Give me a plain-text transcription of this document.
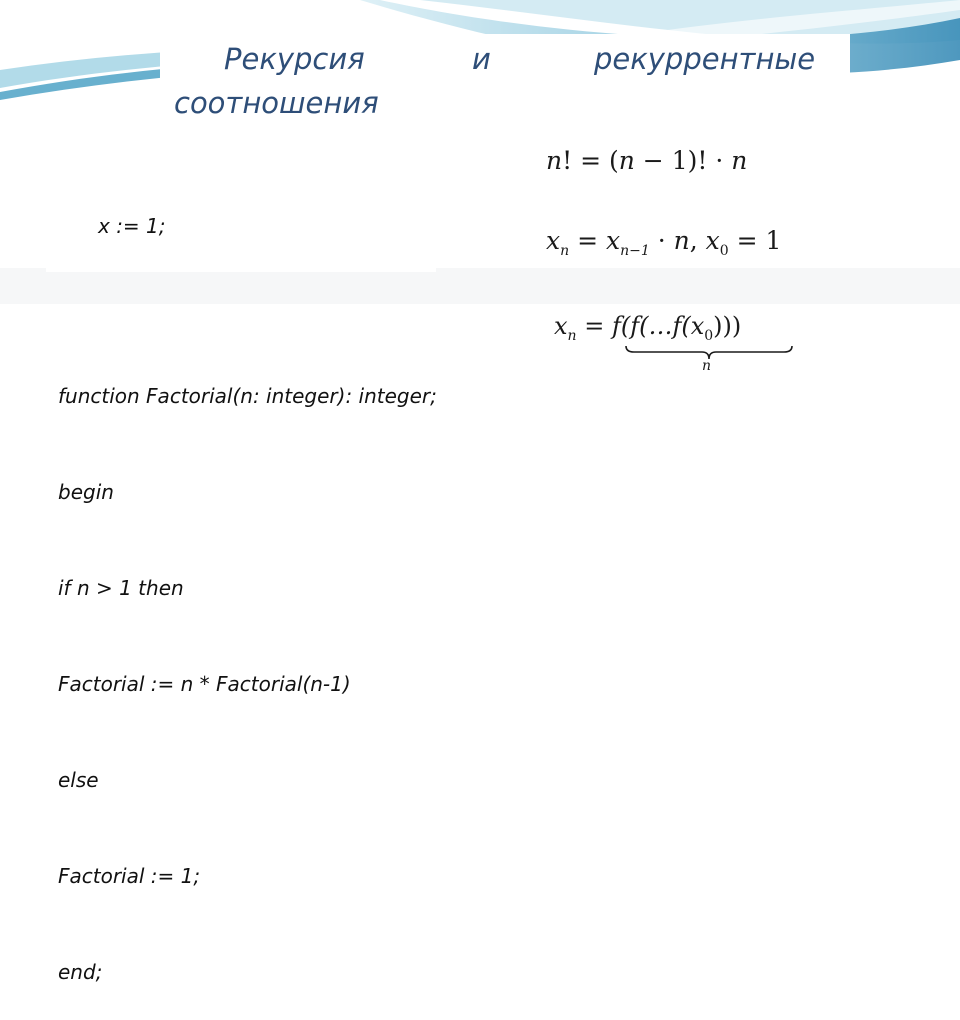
Рекурсия	и	рекуррентные
соотношения

x := 1;

function Factorial(n: integer): integer;

begin

if n > 1 then

Factorial := n * Factorial(n-1)

else

Factorial := 1;

end;

n! = (n − 1)! · n
$x_n = x_{n-1} \cdot n$, $x_0 = 1$
$x_n$ = $f(f(\dots f(x_0)))$
n
